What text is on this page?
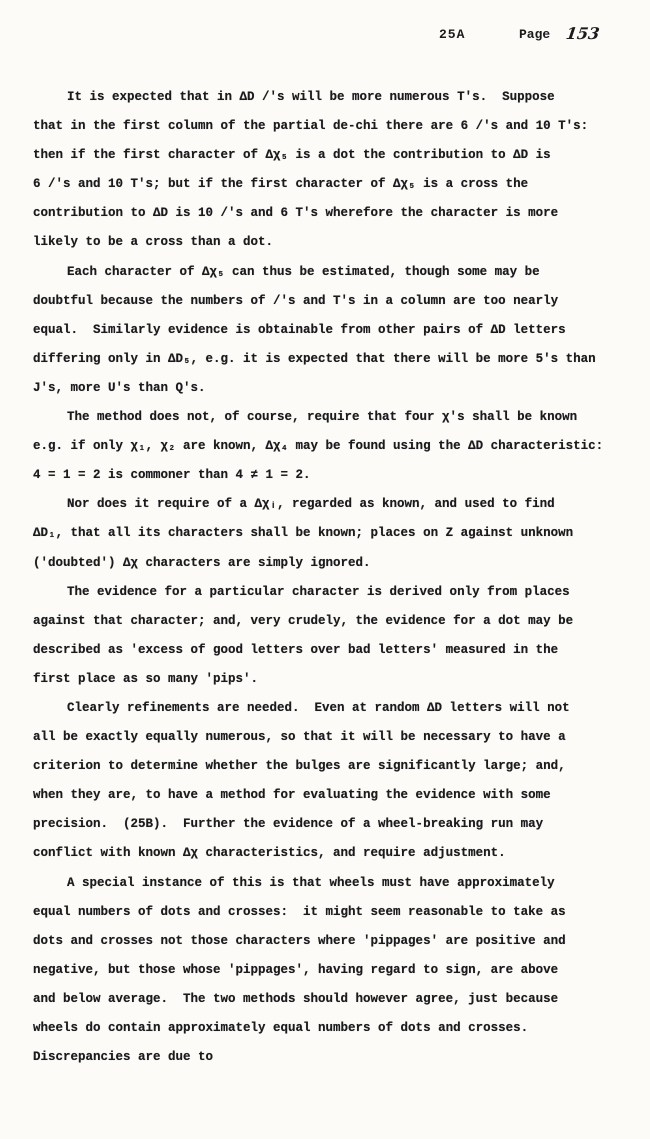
25A	Page 153
It is expected that in ΔD /'s will be more numerous T's.  Suppose
that in the first column of the partial de-chi there are 6 /'s and 10 T's:
then if the first character of Δχ₅ is a dot the contribution to ΔD is
6 /'s and 10 T's; but if the first character of Δχ₅ is a cross the
contribution to ΔD is 10 /'s and 6 T's wherefore the character is more
likely to be a cross than a dot.
Each character of Δχ₅ can thus be estimated, though some may be
doubtful because the numbers of /'s and T's in a column are too nearly
equal.  Similarly evidence is obtainable from other pairs of ΔD letters
differing only in ΔD₅, e.g. it is expected that there will be more 5's than
J's, more U's than Q's.
The method does not, of course, require that four χ's shall be known
e.g. if only χ₁, χ₂ are known, Δχ₄ may be found using the ΔD characteristic:
4 = 1 = 2 is commoner than 4 ≠ 1 = 2.
Nor does it require of a Δχᵢ, regarded as known, and used to find
ΔD₁, that all its characters shall be known; places on Z against unknown
('doubted') Δχ characters are simply ignored.
The evidence for a particular character is derived only from places
against that character; and, very crudely, the evidence for a dot may be
described as 'excess of good letters over bad letters' measured in the
first place as so many 'pips'.
Clearly refinements are needed.  Even at random ΔD letters will not
all be exactly equally numerous, so that it will be necessary to have a
criterion to determine whether the bulges are significantly large; and,
when they are, to have a method for evaluating the evidence with some
precision.  (25B).  Further the evidence of a wheel-breaking run may
conflict with known Δχ characteristics, and require adjustment.
A special instance of this is that wheels must have approximately
equal numbers of dots and crosses:  it might seem reasonable to take as
dots and crosses not those characters where 'pippages' are positive and
negative, but those whose 'pippages', having regard to sign, are above
and below average.  The two methods should however agree, just because
wheels do contain approximately equal numbers of dots and crosses.
Discrepancies are due to
